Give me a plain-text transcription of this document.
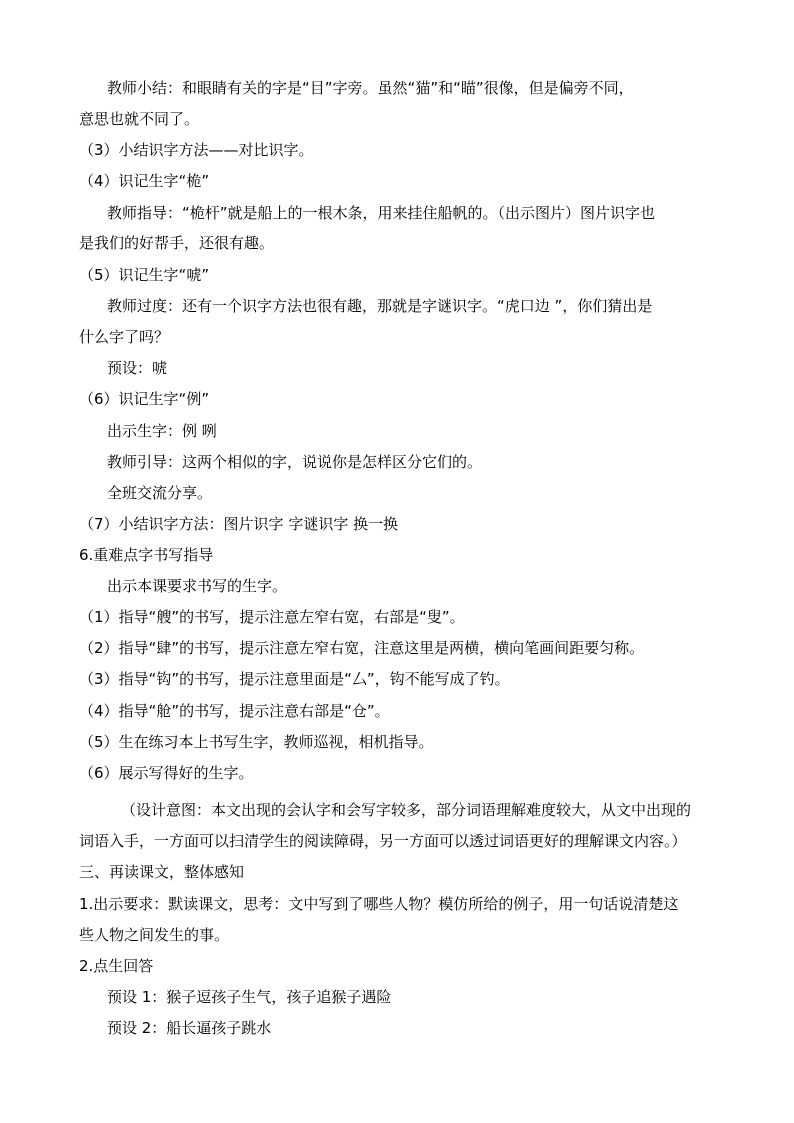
教师小结：和眼睛有关的字是“目”字旁。虽然“猫”和“瞄”很像，但是偏旁不同，
意思也就不同了。
（3）小结识字方法——对比识字。
（4）识记生字“桅”
教师指导：“桅杆”就是船上的一根木条，用来挂住船帆的。（出示图片）图片识字也
是我们的好帮手，还很有趣。
（5）识记生字“唬”
教师过度：还有一个识字方法也很有趣，那就是字谜识字。“虎口边 ”，你们猜出是
什么字了吗？
预设：唬
（6）识记生字“例”
出示生字：例 咧
教师引导：这两个相似的字，说说你是怎样区分它们的。
全班交流分享。
（7）小结识字方法：图片识字 字谜识字 换一换
6.重难点字书写指导
出示本课要求书写的生字。
（1）指导“艘”的书写，提示注意左窄右宽，右部是“叟”。
（2）指导“肆”的书写，提示注意左窄右宽，注意这里是两横，横向笔画间距要匀称。
（3）指导“钩”的书写，提示注意里面是“厶”，钩不能写成了钓。
（4）指导“舱”的书写，提示注意右部是“仓”。
（5）生在练习本上书写生字，教师巡视，相机指导。
（6）展示写得好的生字。
（设计意图：本文出现的会认字和会写字较多，部分词语理解难度较大，从文中出现的
词语入手，一方面可以扫清学生的阅读障碍，另一方面可以透过词语更好的理解课文内容。）
三、再读课文，整体感知
1.出示要求：默读课文，思考：文中写到了哪些人物？模仿所给的例子，用一句话说清楚这
些人物之间发生的事。
2.点生回答
预设 1：猴子逗孩子生气，孩子追猴子遇险
预设 2：船长逼孩子跳水
